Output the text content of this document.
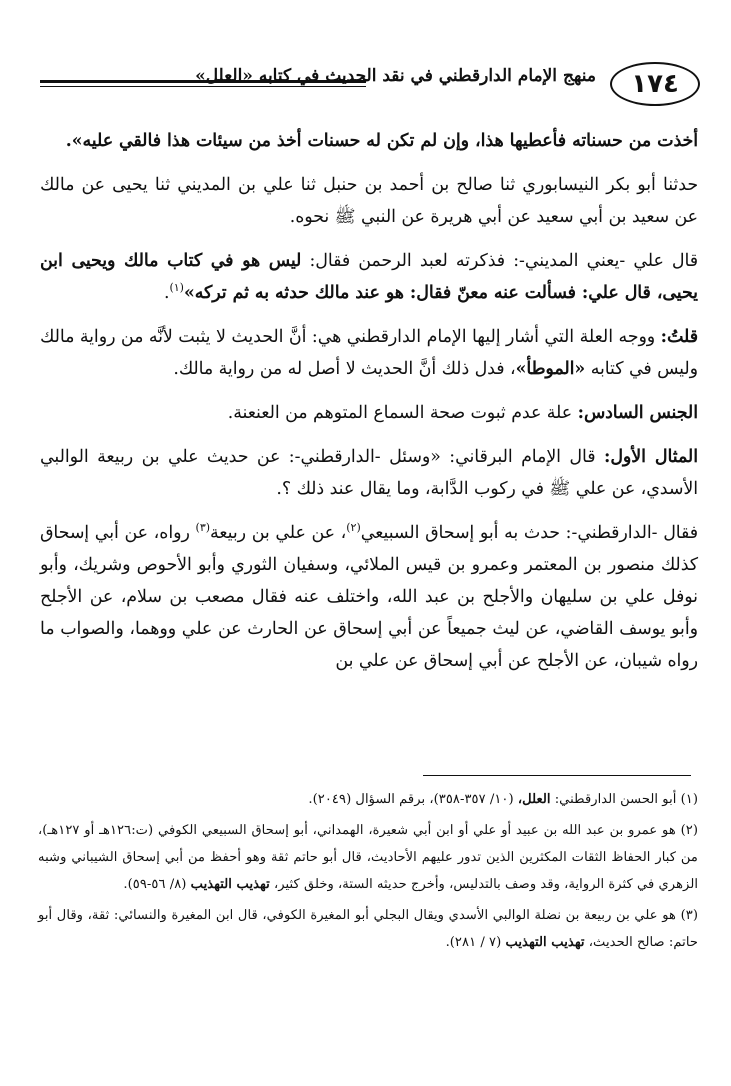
١٧٤
منهج الإمام الدارقطني في نقد الحديث في كتابه «العلل»

أخذت من حسناته فأعطيها هذا، وإن لم تكن له حسنات أخذ من سيئات هذا فالقي عليه».

حدثنا أبو بكر النيسابوري ثنا صالح بن أحمد بن حنبل ثنا علي بن المديني ثنا يحيى عن مالك عن سعيد بن أبي سعيد عن أبي هريرة عن النبي ﷺ نحوه.

قال علي -يعني المديني-: فذكرته لعبد الرحمن فقال: ليس هو في كتاب مالك ويحيى ابن يحيى، قال علي: فسألت عنه معنّ فقال: هو عند مالك حدثه به ثم تركه»$^{(١)}$.

قلتُ: ووجه العلة التي أشار إليها الإمام الدارقطني هي: أنَّ الحديث لا يثبت لأنَّه من رواية مالك وليس في كتابه «الموطأ»، فدل ذلك أنَّ الحديث لا أصل له من رواية مالك.

الجنس السادس: علة عدم ثبوت صحة السماع المتوهم من العنعنة.

المثال الأول: قال الإمام البرقاني: «وسئل -الدارقطني-: عن حديث علي بن ربيعة الوالبي الأسدي، عن علي ﷺ في ركوب الدَّابة، وما يقال عند ذلك ؟.

فقال -الدارقطني-: حدث به أبو إسحاق السبيعي$^{(٢)}$، عن علي بن ربيعة$^{(٣)}$ رواه، عن أبي إسحاق كذلك منصور بن المعتمر وعمرو بن قيس الملائي، وسفيان الثوري وأبو الأحوص وشريك، وأبو نوفل علي بن سليهان والأجلح بن عبد الله، واختلف عنه فقال مصعب بن سلام، عن الأجلح وأبو يوسف القاضي، عن ليث جميعاً عن أبي إسحاق عن الحارث عن علي ووهما، والصواب ما رواه شيبان، عن الأجلح عن أبي إسحاق عن علي بن

(١) أبو الحسن الدارقطني: العلل، (١٠/ ٣٥٧-٣٥٨)، برقم السؤال (٢٠٤٩).

(٢) هو عمرو بن عبد الله بن عبيد أو علي أو ابن أبي شعيرة، الهمداني، أبو إسحاق السبيعي الكوفي (ت:١٢٦هـ أو ١٢٧هـ)، من كبار الحفاظ الثقات المكثرين الذين تدور عليهم الأحاديث، قال أبو حاتم ثقة وهو أحفظ من أبي إسحاق الشيباني وشبه الزهري في كثرة الرواية، وقد وصف بالتدليس، وأخرج حديثه الستة، وخلق كثير، تهذيب التهذيب (٨/ ٥٦-٥٩).

(٣) هو علي بن ربيعة بن نضلة الوالبي الأسدي ويقال البجلي أبو المغيرة الكوفي، قال ابن المغيرة والنسائي: ثقة، وقال أبو حاتم: صالح الحديث، تهذيب التهذيب (٧ / ٢٨١).
